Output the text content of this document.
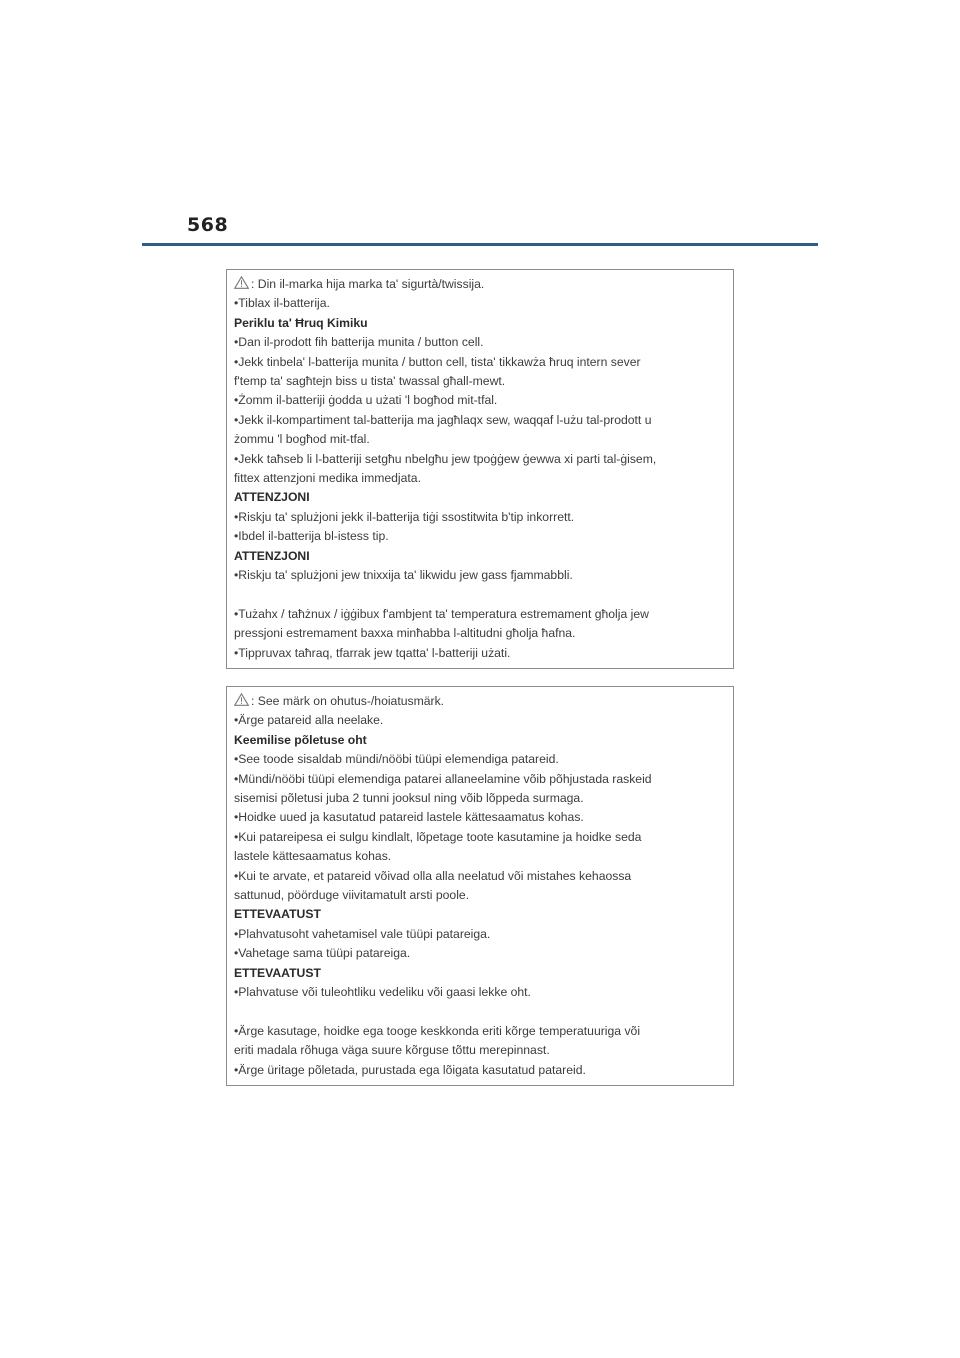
568
: Din il-marka hija marka ta' sigurtà/twissija.
•Tiblax il-batterija.
Periklu ta' Ħruq Kimiku
•Dan il-prodott fih batterija munita / button cell.
•Jekk tinbela' l-batterija munita / button cell, tista' tikkawża ħruq intern sever
f'temp ta' sagħtejn biss u tista' twassal għall-mewt.
•Żomm il-batteriji ġodda u użati 'l bogħod mit-tfal.
•Jekk il-kompartiment tal-batterija ma jagħlaqx sew, waqqaf l-użu tal-prodott u
żommu 'l bogħod mit-tfal.
•Jekk taħseb li l-batteriji setgħu nbelgħu jew tpoġġew ġewwa xi parti tal-ġisem,
fittex attenzjoni medika immedjata.
ATTENZJONI
•Riskju ta' splużjoni jekk il-batterija tiġi ssostitwita b'tip inkorrett.
•Ibdel il-batterija bl-istess tip.
ATTENZJONI
•Riskju ta' splużjoni jew tnixxija ta' likwidu jew gass fjammabbli.
•Tużahx / taħżnux / iġġibux f'ambjent ta' temperatura estremament għolja jew
pressjoni estremament baxxa minħabba l-altitudni għolja ħafna.
•Tippruvax taħraq, tfarrak jew tqatta' l-batteriji użati.
: See märk on ohutus-/hoiatusmärk.
•Ärge patareid alla neelake.
Keemilise põletuse oht
•See toode sisaldab mündi/nööbi tüüpi elemendiga patareid.
•Mündi/nööbi tüüpi elemendiga patarei allaneelamine võib põhjustada raskeid
sisemisi põletusi juba 2 tunni jooksul ning võib lõppeda surmaga.
•Hoidke uued ja kasutatud patareid lastele kättesaamatus kohas.
•Kui patareipesa ei sulgu kindlalt, lõpetage toote kasutamine ja hoidke seda
lastele kättesaamatus kohas.
•Kui te arvate, et patareid võivad olla alla neelatud või mistahes kehaossa
sattunud, pöörduge viivitamatult arsti poole.
ETTEVAATUST
•Plahvatusoht vahetamisel vale tüüpi patareiga.
•Vahetage sama tüüpi patareiga.
ETTEVAATUST
•Plahvatuse või tuleohtliku vedeliku või gaasi lekke oht.
•Ärge kasutage, hoidke ega tooge keskkonda eriti kõrge temperatuuriga või
eriti madala rõhuga väga suure kõrguse tõttu merepinnast.
•Ärge üritage põletada, purustada ega lõigata kasutatud patareid.
